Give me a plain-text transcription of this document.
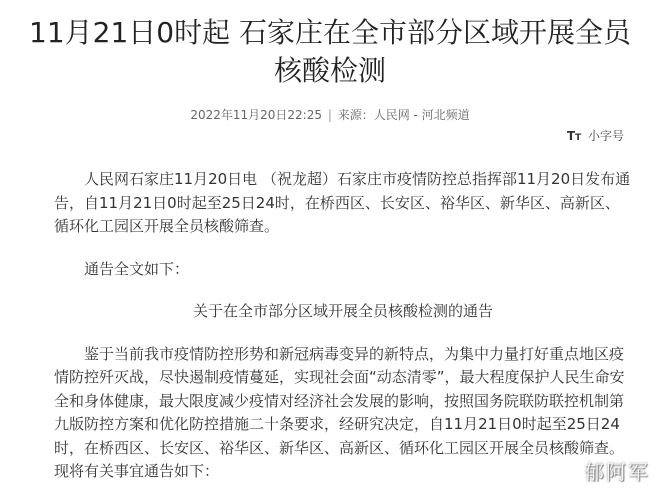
11月21日0时起 石家庄在全市部分区域开展全员核酸检测
2022年11月20日22:25 | 来源：人民网 - 河北频道
TT 小字号

人民网石家庄11月20日电 （祝龙超）石家庄市疫情防控总指挥部11月20日发布通告，自11月21日0时起至25日24时，在桥西区、长安区、裕华区、新华区、高新区、循环化工园区开展全员核酸筛查。

通告全文如下：

关于在全市部分区域开展全员核酸检测的通告

鉴于当前我市疫情防控形势和新冠病毒变异的新特点，为集中力量打好重点地区疫情防控歼灭战，尽快遏制疫情蔓延，实现社会面“动态清零”，最大程度保护人民生命安全和身体健康，最大限度减少疫情对经济社会发展的影响，按照国务院联防联控机制第九版防控方案和优化防控措施二十条要求，经研究决定，自11月21日0时起至25日24时，在桥西区、长安区、裕华区、新华区、高新区、循环化工园区开展全员核酸筛查。现将有关事宜通告如下：	郁阿军
